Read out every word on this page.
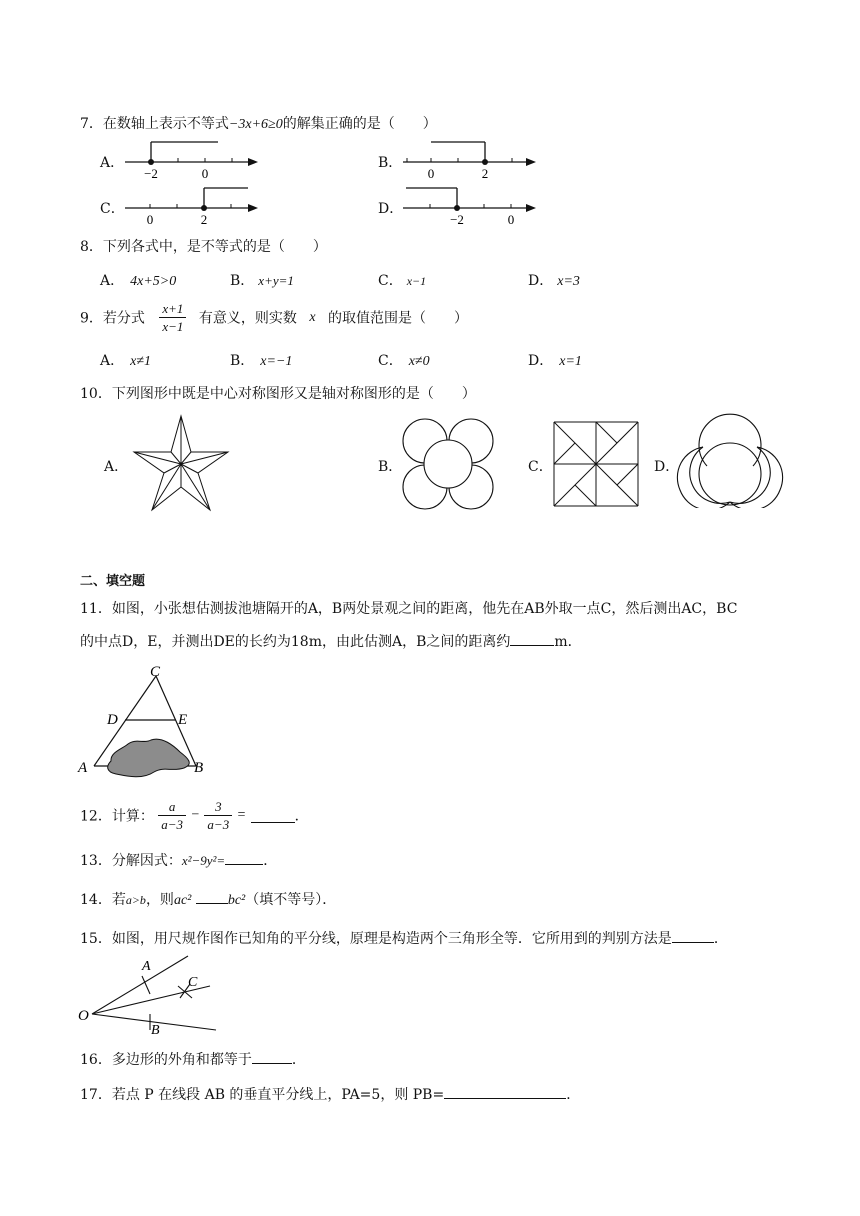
7．在数轴上表示不等式−3x+6≥0的解集正确的是（　　）
A．
−2	0
B．
0	2
C．
0	2
D．
−2	0
8．下列各式中，是不等式的是（　　）
A． 4x+5>0	B． x+y=1	C． x−1	D． x=3
9．若分式 $\frac{x+1}{x-1}$ 有意义，则实数 x 的取值范围是（　　）
A． x≠1	B． x=−1	C． x≠0	D． x=1
10．下列图形中既是中心对称图形又是轴对称图形的是（　　）
A．	B．	C．	D．
二、填空题
11．如图，小张想估测拔池塘隔开的A，B两处景观之间的距离，他先在AB外取一点C，然后测出AC，BC
的中点D，E，并测出DE的长约为18m，由此估测A，B之间的距离约	m．
C
D	E
A	B
12．计算： $\frac{a}{a-3} - \frac{3}{a-3}$ =	．
13．分解因式：x²−9y²=	．
14．若a>b，则ac²	bc²（填不等号）．
15．如图，用尺规作图作已知角的平分线，原理是构造两个三角形全等．它所用到的判别方法是	．
O
A
C
B
16．多边形的外角和都等于	．
17．若点 P 在线段 AB 的垂直平分线上，PA=5，则 PB=	．
